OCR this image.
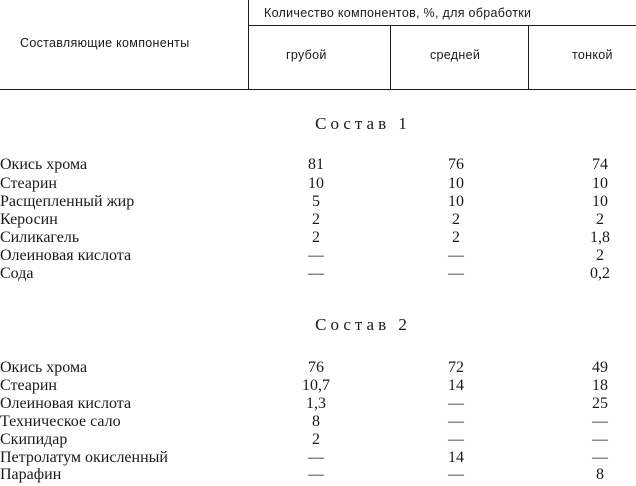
Составляющие компоненты
Количество компонентов, %, для обработки
грубой	средней	тонкой
Состав 1
Окись хрома	81	76	74
Стеарин	10	10	10
Расщепленный жир	5	10	10
Керосин	2	2	2
Силикагель	2	2	1,8
Олеиновая кислота	—	—	2
Сода	—	—	0,2
Состав 2
Окись хрома	76	72	49
Стеарин	10,7	14	18
Олеиновая кислота	1,3	—	25
Техническое сало	8	—	—
Скипидар	2	—	—
Петролатум окисленный	—	14	—
Парафин	—	—	8
